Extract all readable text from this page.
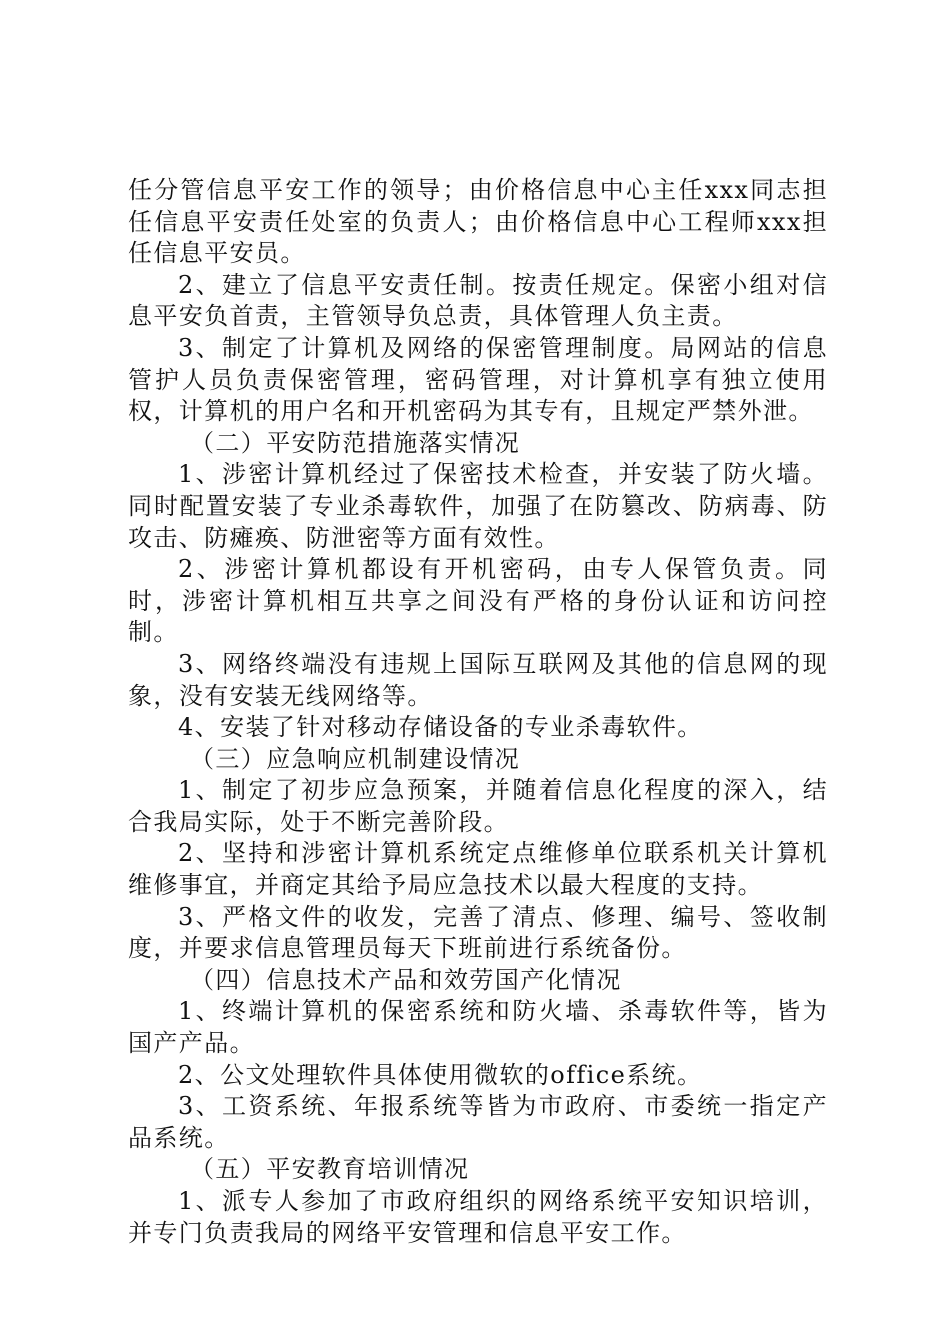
任分管信息平安工作的领导；由价格信息中心主任xxx同志担任信息平安责任处室的负责人；由价格信息中心工程师xxx担任信息平安员。

2、建立了信息平安责任制。按责任规定。保密小组对信息平安负首责，主管领导负总责，具体管理人负主责。

3、制定了计算机及网络的保密管理制度。局网站的信息管护人员负责保密管理，密码管理，对计算机享有独立使用权，计算机的用户名和开机密码为其专有，且规定严禁外泄。

（二）平安防范措施落实情况

1、涉密计算机经过了保密技术检查，并安装了防火墙。同时配置安装了专业杀毒软件，加强了在防篡改、防病毒、防攻击、防瘫痪、防泄密等方面有效性。

2、涉密计算机都设有开机密码，由专人保管负责。同时，涉密计算机相互共享之间没有严格的身份认证和访问控制。

3、网络终端没有违规上国际互联网及其他的信息网的现象，没有安装无线网络等。

4、安装了针对移动存储设备的专业杀毒软件。

（三）应急响应机制建设情况

1、制定了初步应急预案，并随着信息化程度的深入，结合我局实际，处于不断完善阶段。

2、坚持和涉密计算机系统定点维修单位联系机关计算机维修事宜，并商定其给予局应急技术以最大程度的支持。

3、严格文件的收发，完善了清点、修理、编号、签收制度，并要求信息管理员每天下班前进行系统备份。

（四）信息技术产品和效劳国产化情况

1、终端计算机的保密系统和防火墙、杀毒软件等，皆为国产产品。

2、公文处理软件具体使用微软的office系统。

3、工资系统、年报系统等皆为市政府、市委统一指定产品系统。

（五）平安教育培训情况

1、派专人参加了市政府组织的网络系统平安知识培训，并专门负责我局的网络平安管理和信息平安工作。
